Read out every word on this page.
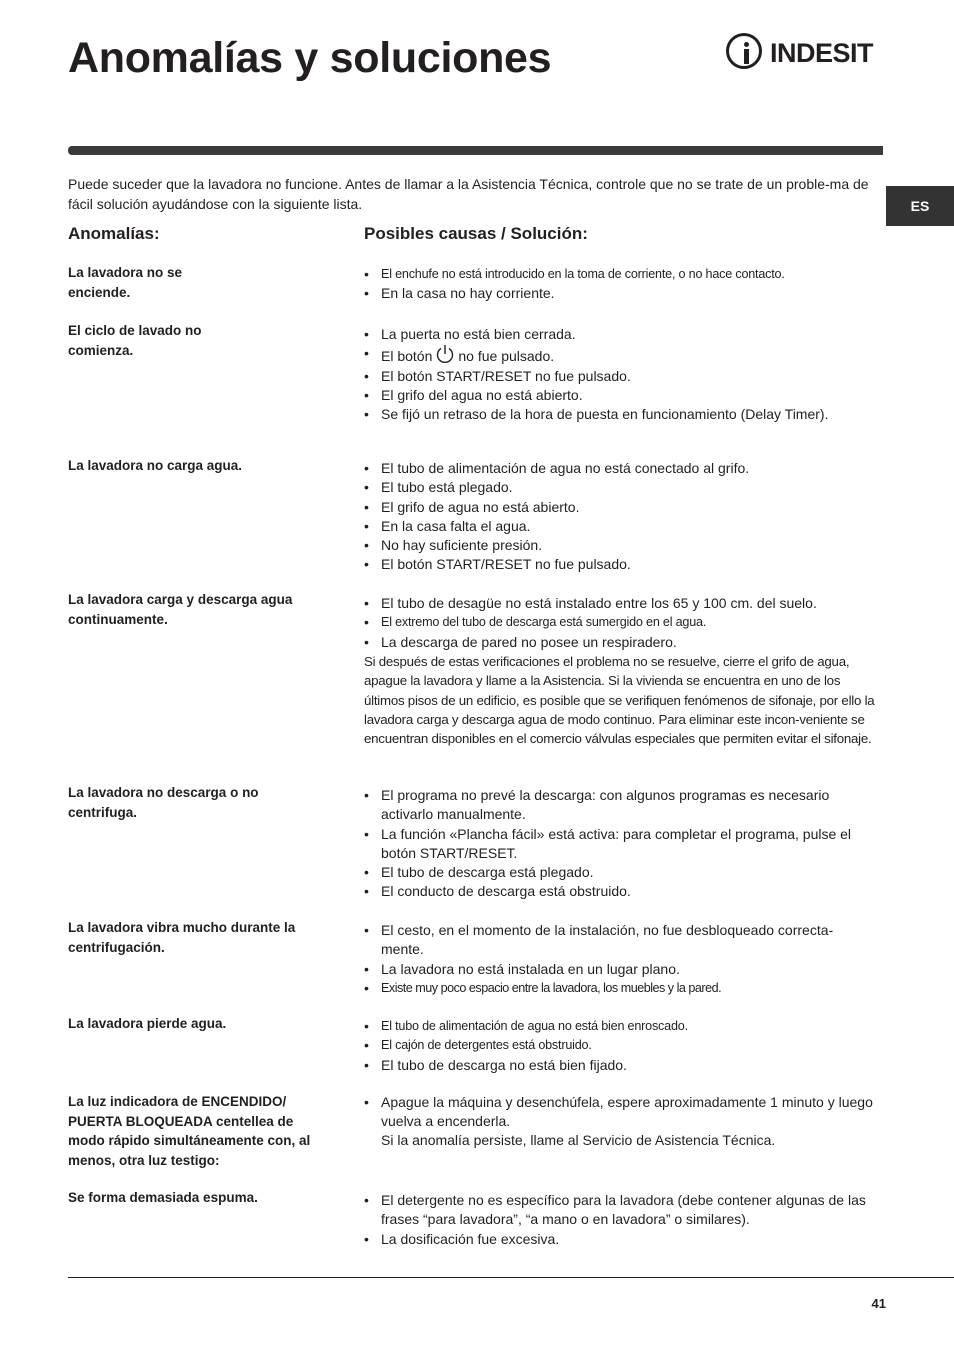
Anomalías y soluciones	INDESIT
ES

Puede suceder que la lavadora no funcione. Antes de llamar a la Asistencia Técnica, controle que no se trate de un proble-ma de fácil solución ayudándose con la siguiente lista.

Anomalías:	Posibles causas / Solución:

La lavadora no se enciende.

• El enchufe no está introducido en la toma de corriente, o no hace contacto.
• En la casa no hay corriente.

El ciclo de lavado no comienza.

• La puerta no está bien cerrada.
• El botón no fue pulsado.
• El botón START/RESET no fue pulsado.
• El grifo del agua no está abierto.
• Se fijó un retraso de la hora de puesta en funcionamiento (Delay Timer).

La lavadora no carga agua.	• El tubo de alimentación de agua no está conectado al grifo.
• El tubo está plegado.
• El grifo de agua no está abierto.
• En la casa falta el agua.
• No hay suficiente presión.
• El botón START/RESET no fue pulsado.

La lavadora carga y descarga agua continuamente.

• El tubo de desagüe no está instalado entre los 65 y 100 cm. del suelo.
• El extremo del tubo de descarga está sumergido en el agua.
• La descarga de pared no posee un respiradero.

Si después de estas verificaciones el problema no se resuelve, cierre el grifo de agua, apague la lavadora y llame a la Asistencia. Si la vivienda se encuentra en uno de los últimos pisos de un edificio, es posible que se verifiquen fenómenos de sifonaje, por ello la lavadora carga y descarga agua de modo continuo. Para eliminar este incon-veniente se encuentran disponibles en el comercio válvulas especiales que permiten evitar el sifonaje.

La lavadora no descarga o no centrifuga.

• El programa no prevé la descarga: con algunos programas es necesario activarlo manualmente.
• La función «Plancha fácil» está activa: para completar el programa, pulse el botón START/RESET.
• El tubo de descarga está plegado.
• El conducto de descarga está obstruido.

La lavadora vibra mucho durante la centrifugación.

• El cesto, en el momento de la instalación, no fue desbloqueado correcta-mente.
• La lavadora no está instalada en un lugar plano.
• Existe muy poco espacio entre la lavadora, los muebles y la pared.

La lavadora pierde agua.	• El tubo de alimentación de agua no está bien enroscado.
• El cajón de detergentes está obstruido.
• El tubo de descarga no está bien fijado.

La luz indicadora de ENCENDIDO/ PUERTA BLOQUEADA centellea de modo rápido simultáneamente con, al menos, otra luz testigo:

• Apague la máquina y desenchúfela, espere aproximadamente 1 minuto y luego vuelva a encenderla.

Si la anomalía persiste, llame al Servicio de Asistencia Técnica.

Se forma demasiada espuma.	• El detergente no es específico para la lavadora (debe contener algunas de las frases “para lavadora”, “a mano o en lavadora” o similares).
• La dosificación fue excesiva.
41
